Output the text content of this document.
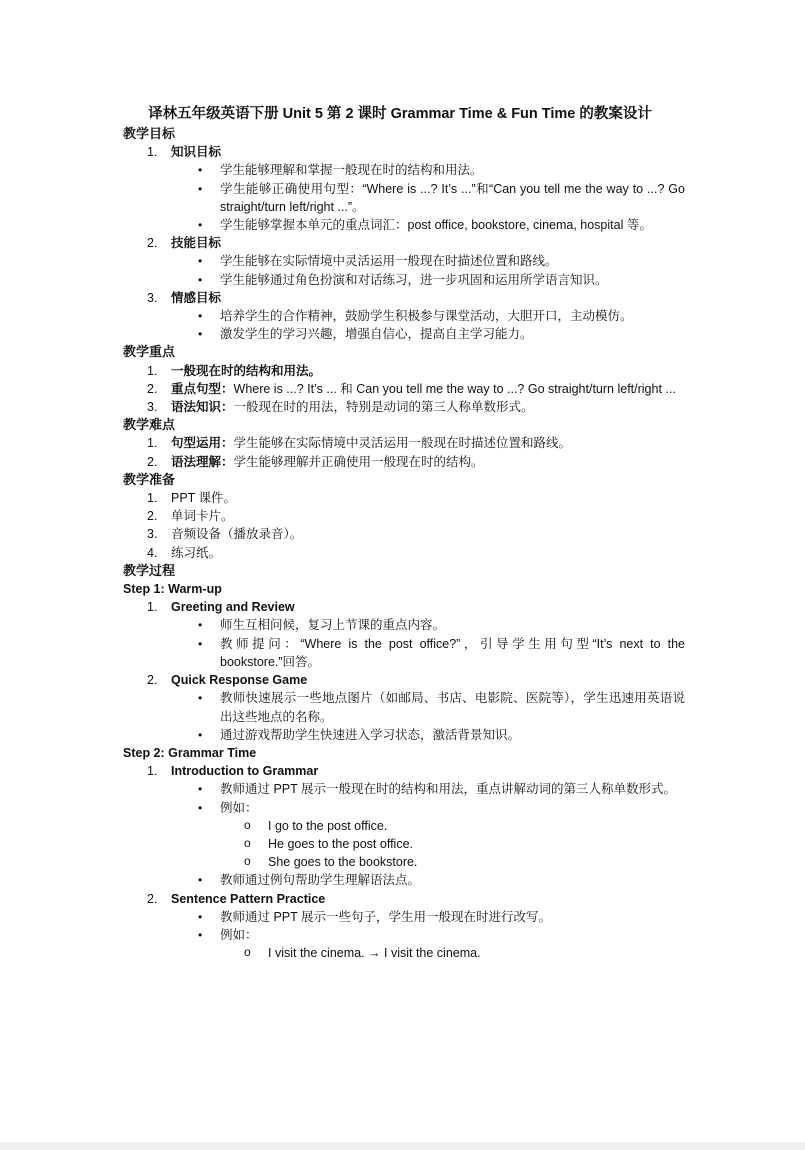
译林五年级英语下册 Unit 5 第 2 课时 Grammar Time & Fun Time 的教案设计
教学目标
1. 知识目标
• 学生能够理解和掌握一般现在时的结构和用法。
• 学生能够正确使用句型：“Where is ...? It’s ...”和“Can you tell me the way to ...? Go straight/turn left/right ...”。
• 学生能够掌握本单元的重点词汇：post office, bookstore, cinema, hospital 等。
2. 技能目标
• 学生能够在实际情境中灵活运用一般现在时描述位置和路线。
• 学生能够通过角色扮演和对话练习，进一步巩固和运用所学语言知识。
3. 情感目标
• 培养学生的合作精神，鼓励学生积极参与课堂活动，大胆开口，主动模仿。
• 激发学生的学习兴趣，增强自信心，提高自主学习能力。
教学重点
1. 一般现在时的结构和用法。
2. 重点句型：Where is ...? It’s ... 和 Can you tell me the way to ...? Go straight/turn left/right ...
3. 语法知识：一般现在时的用法，特别是动词的第三人称单数形式。
教学难点
1. 句型运用：学生能够在实际情境中灵活运用一般现在时描述位置和路线。
2. 语法理解：学生能够理解并正确使用一般现在时的结构。
教学准备
1. PPT 课件。
2. 单词卡片。
3. 音频设备（播放录音）。
4. 练习纸。
教学过程
Step 1: Warm-up
1. Greeting and Review
• 师生互相问候，复习上节课的重点内容。
• 教师提问：“Where is the post office?”，引导学生用句型“It’s next to the bookstore.”回答。
2. Quick Response Game
• 教师快速展示一些地点图片（如邮局、书店、电影院、医院等），学生迅速用英语说出这些地点的名称。
• 通过游戏帮助学生快速进入学习状态，激活背景知识。
Step 2: Grammar Time
1. Introduction to Grammar
• 教师通过 PPT 展示一般现在时的结构和用法，重点讲解动词的第三人称单数形式。
• 例如：
o I go to the post office.
o He goes to the post office.
o She goes to the bookstore.
• 教师通过例句帮助学生理解语法点。
2. Sentence Pattern Practice
• 教师通过 PPT 展示一些句子，学生用一般现在时进行改写。
• 例如：
o I visit the cinema. → I visit the cinema.
